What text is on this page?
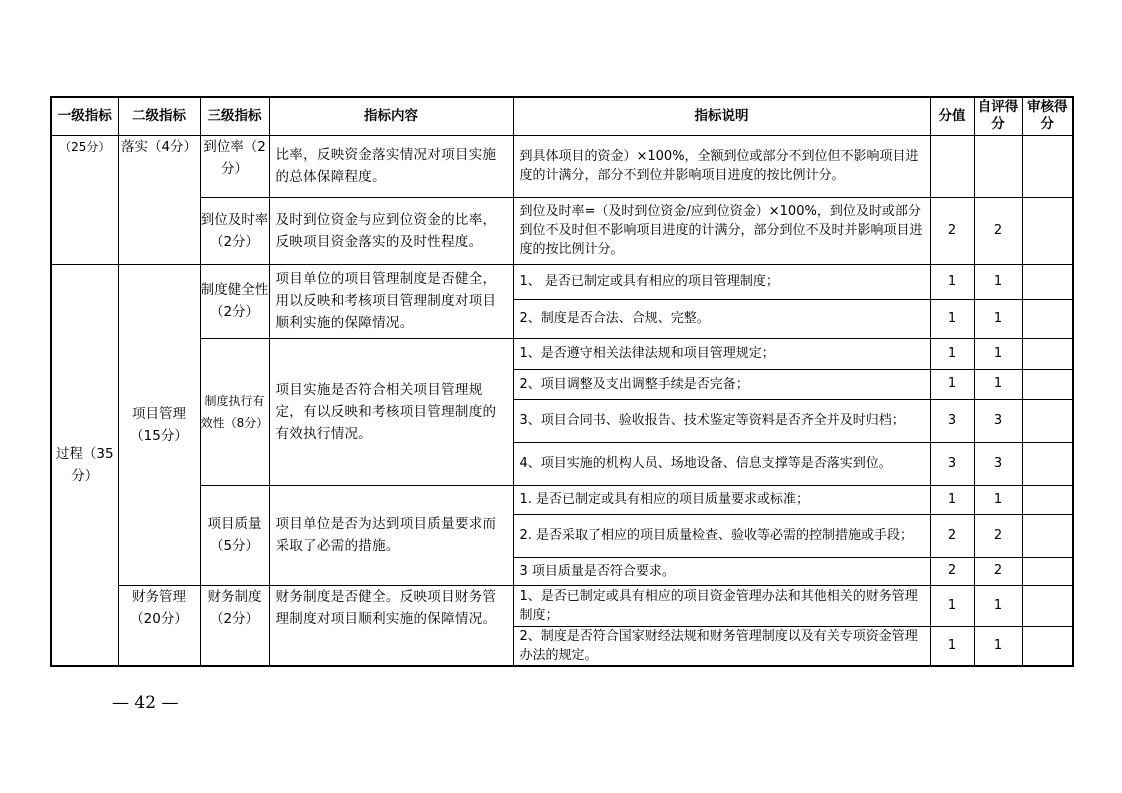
一级指标	二级指标	三级指标	指标内容	指标说明	分值	自评得分	审核得分
（25分）	落实（4分）	到位率（2分）	比率，反映资金落实情况对项目实施的总体保障程度。	到具体项目的资金）×100%，全额到位或部分不到位但不影响项目进度的计满分，部分不到位并影响项目进度的按比例计分。			
		到位及时率（2分）	及时到位资金与应到位资金的比率，反映项目资金落实的及时性程度。	到位及时率=（及时到位资金/应到位资金）×100%，到位及时或部分到位不及时但不影响项目进度的计满分，部分到位不及时并影响项目进度的按比例计分。	2	2	
过程（35分）	项目管理（15分）	制度健全性（2分）	项目单位的项目管理制度是否健全，用以反映和考核项目管理制度对项目顺利实施的保障情况。	1、 是否已制定或具有相应的项目管理制度；	1	1	
				2、制度是否合法、合规、完整。	1	1	
		制度执行有效性（8分）	项目实施是否符合相关项目管理规定，有以反映和考核项目管理制度的有效执行情况。	1、是否遵守相关法律法规和项目管理规定；	1	1	
				2、项目调整及支出调整手续是否完备；	1	1	
				3、项目合同书、验收报告、技术鉴定等资料是否齐全并及时归档；	3	3	
				4、项目实施的机构人员、场地设备、信息支撑等是否落实到位。	3	3	
		项目质量（5分）	项目单位是否为达到项目质量要求而采取了必需的措施。	1. 是否已制定或具有相应的项目质量要求或标准；	1	1	
				2. 是否采取了相应的项目质量检查、验收等必需的控制措施或手段；	2	2	
				3 项目质量是否符合要求。	2	2	
	财务管理（20分）	财务制度（2分）	财务制度是否健全。反映项目财务管理制度对项目顺利实施的保障情况。	1、是否已制定或具有相应的项目资金管理办法和其他相关的财务管理制度；	1	1	
				2、制度是否符合国家财经法规和财务管理制度以及有关专项资金管理办法的规定。	1	1	
— 42 —
